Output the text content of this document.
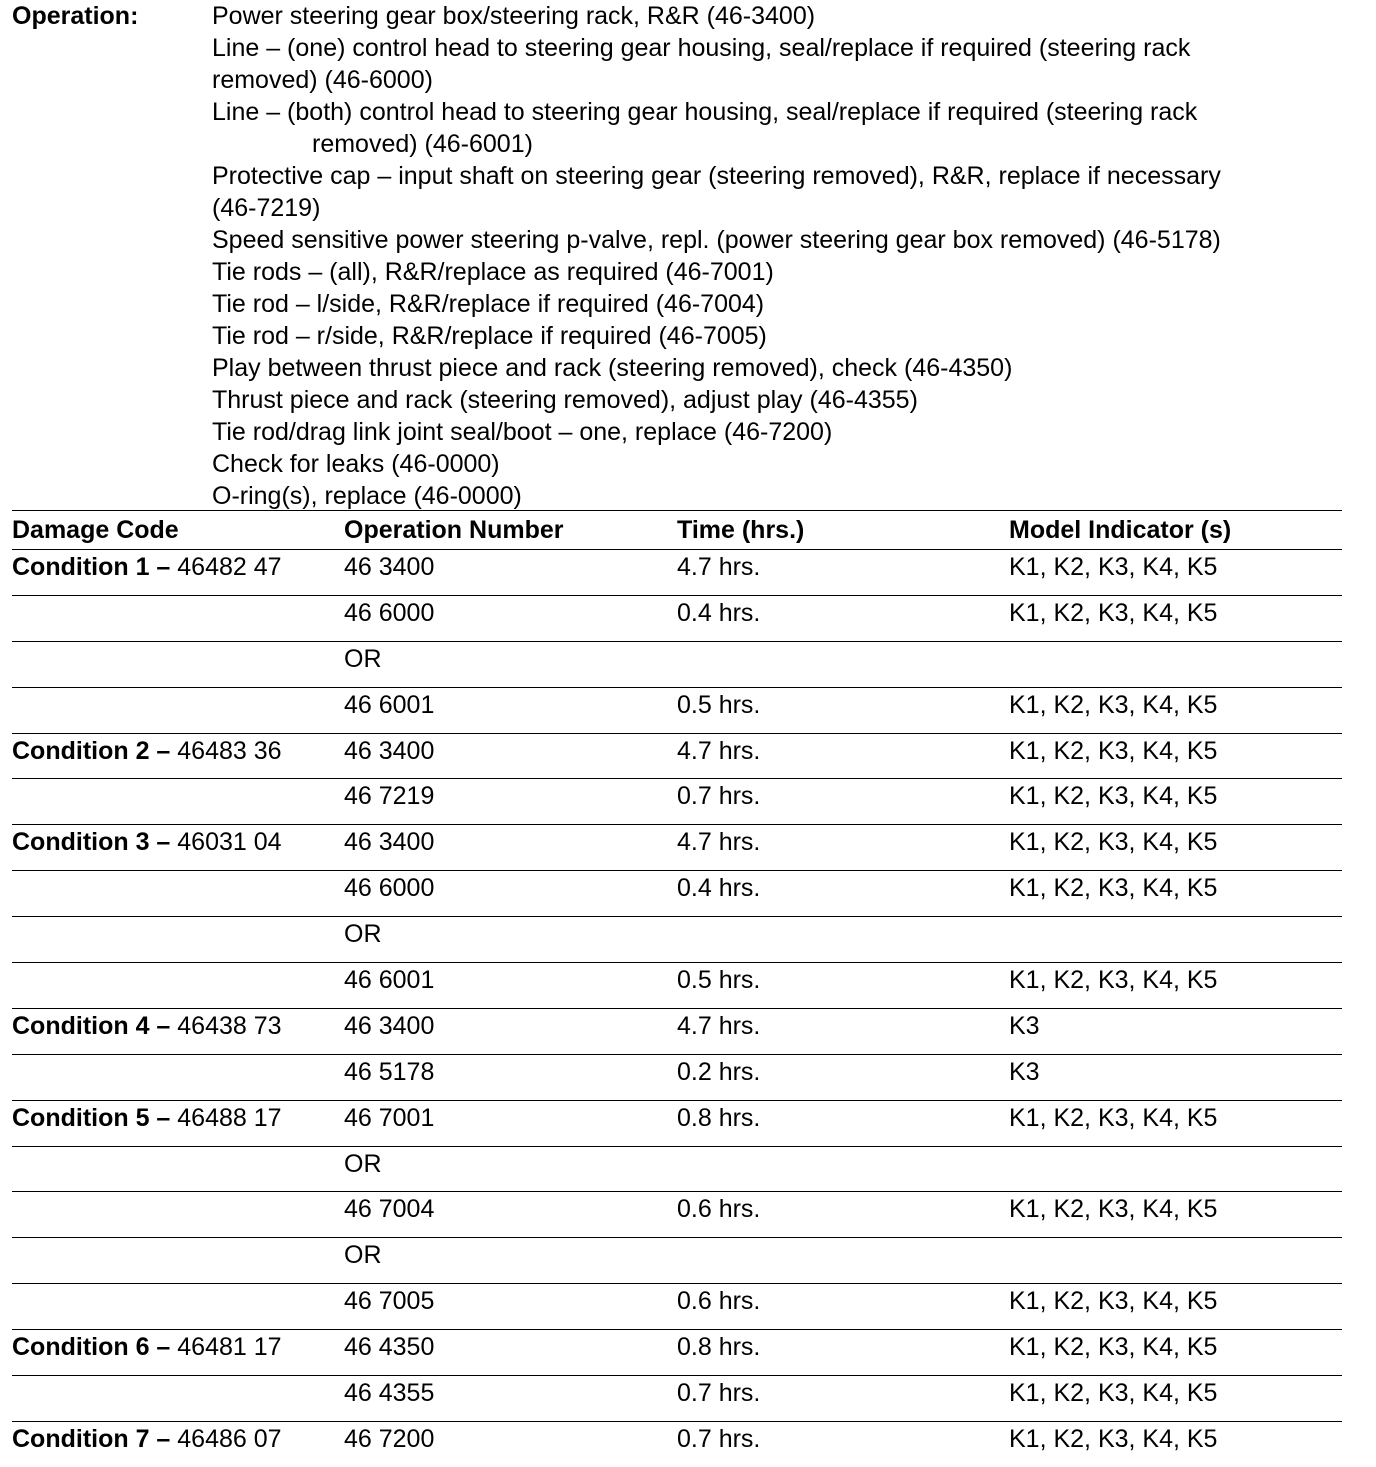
Operation:	Power steering gear box/steering rack, R&R (46-3400)
Line – (one) control head to steering gear housing, seal/replace if required (steering rack
removed) (46-6000)
Line – (both) control head to steering gear housing, seal/replace if required (steering rack
removed) (46-6001)
Protective cap – input shaft on steering gear (steering removed), R&R, replace if necessary
(46-7219)
Speed sensitive power steering p-valve, repl. (power steering gear box removed) (46-5178)
Tie rods – (all), R&R/replace as required (46-7001)
Tie rod – l/side, R&R/replace if required (46-7004)
Tie rod – r/side, R&R/replace if required (46-7005)
Play between thrust piece and rack (steering removed), check (46-4350)
Thrust piece and rack (steering removed), adjust play (46-4355)
Tie rod/drag link joint seal/boot – one, replace (46-7200)
Check for leaks (46-0000)
O-ring(s), replace (46-0000)
Damage Code	Operation Number	Time (hrs.)	Model Indicator (s)
Condition 1 – 46482 47	46 3400	4.7 hrs.	K1, K2, K3, K4, K5
	46 6000	0.4 hrs.	K1, K2, K3, K4, K5
	OR		
	46 6001	0.5 hrs.	K1, K2, K3, K4, K5
Condition 2 – 46483 36	46 3400	4.7 hrs.	K1, K2, K3, K4, K5
	46 7219	0.7 hrs.	K1, K2, K3, K4, K5
Condition 3 – 46031 04	46 3400	4.7 hrs.	K1, K2, K3, K4, K5
	46 6000	0.4 hrs.	K1, K2, K3, K4, K5
	OR		
	46 6001	0.5 hrs.	K1, K2, K3, K4, K5
Condition 4 – 46438 73	46 3400	4.7 hrs.	K3
	46 5178	0.2 hrs.	K3
Condition 5 – 46488 17	46 7001	0.8 hrs.	K1, K2, K3, K4, K5
	OR		
	46 7004	0.6 hrs.	K1, K2, K3, K4, K5
	OR		
	46 7005	0.6 hrs.	K1, K2, K3, K4, K5
Condition 6 – 46481 17	46 4350	0.8 hrs.	K1, K2, K3, K4, K5
	46 4355	0.7 hrs.	K1, K2, K3, K4, K5
Condition 7 – 46486 07	46 7200	0.7 hrs.	K1, K2, K3, K4, K5
